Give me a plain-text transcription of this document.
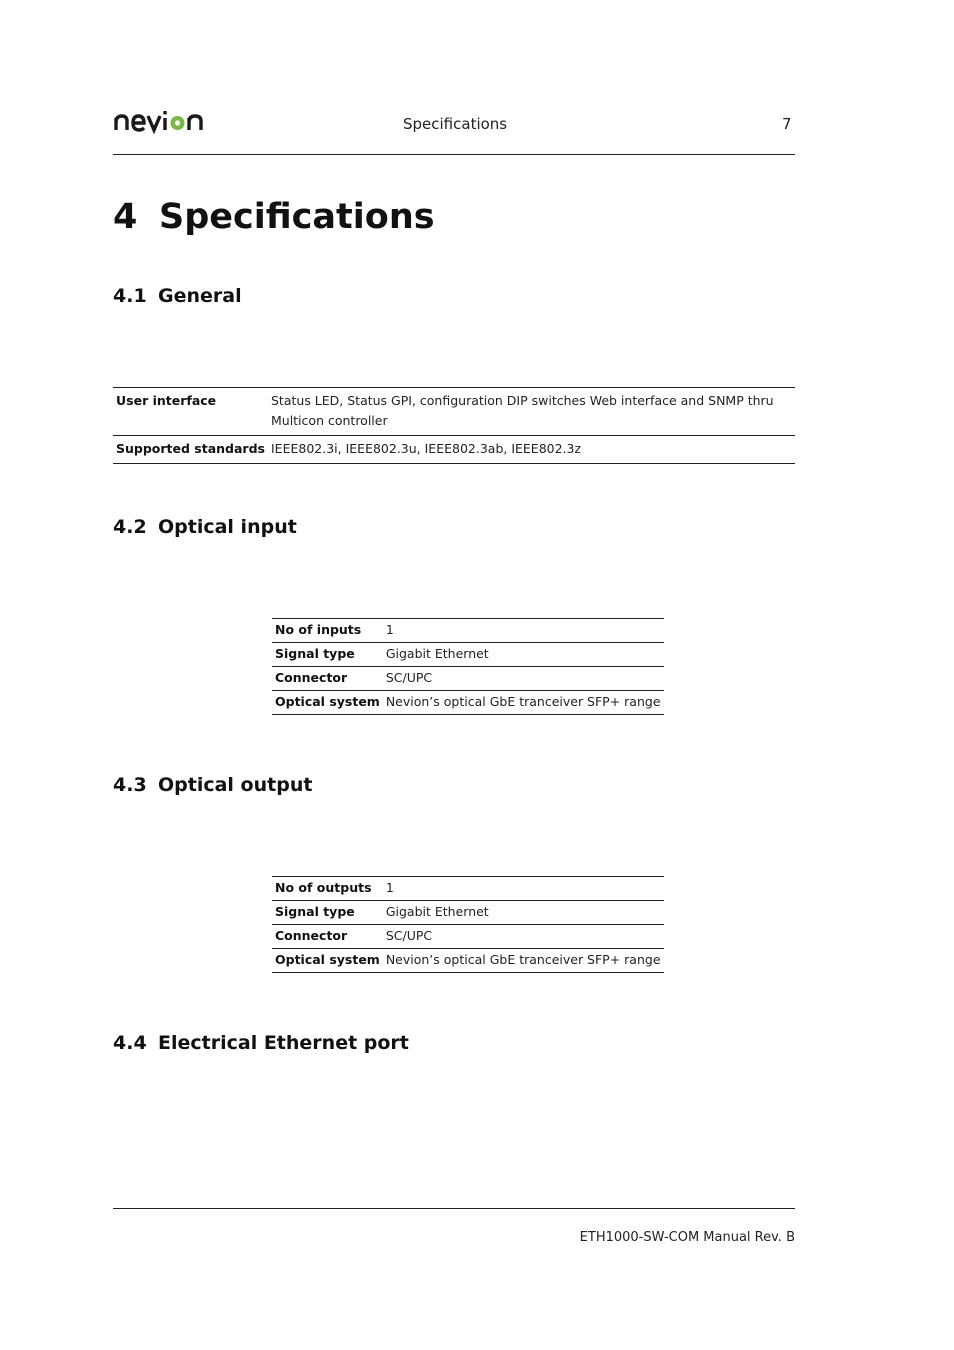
Specifications	7
4 Specifications
4.1 General
User interface	Status LED, Status GPI, configuration DIP switches Web interface and SNMP thru Multicon controller
Supported standards	IEEE802.3i, IEEE802.3u, IEEE802.3ab, IEEE802.3z
4.2 Optical input
No of inputs	1
Signal type	Gigabit Ethernet
Connector	SC/UPC
Optical system	Nevion’s optical GbE tranceiver SFP+ range
4.3 Optical output
No of outputs	1
Signal type	Gigabit Ethernet
Connector	SC/UPC
Optical system	Nevion’s optical GbE tranceiver SFP+ range
4.4 Electrical Ethernet port
ETH1000-SW-COM Manual Rev. B
